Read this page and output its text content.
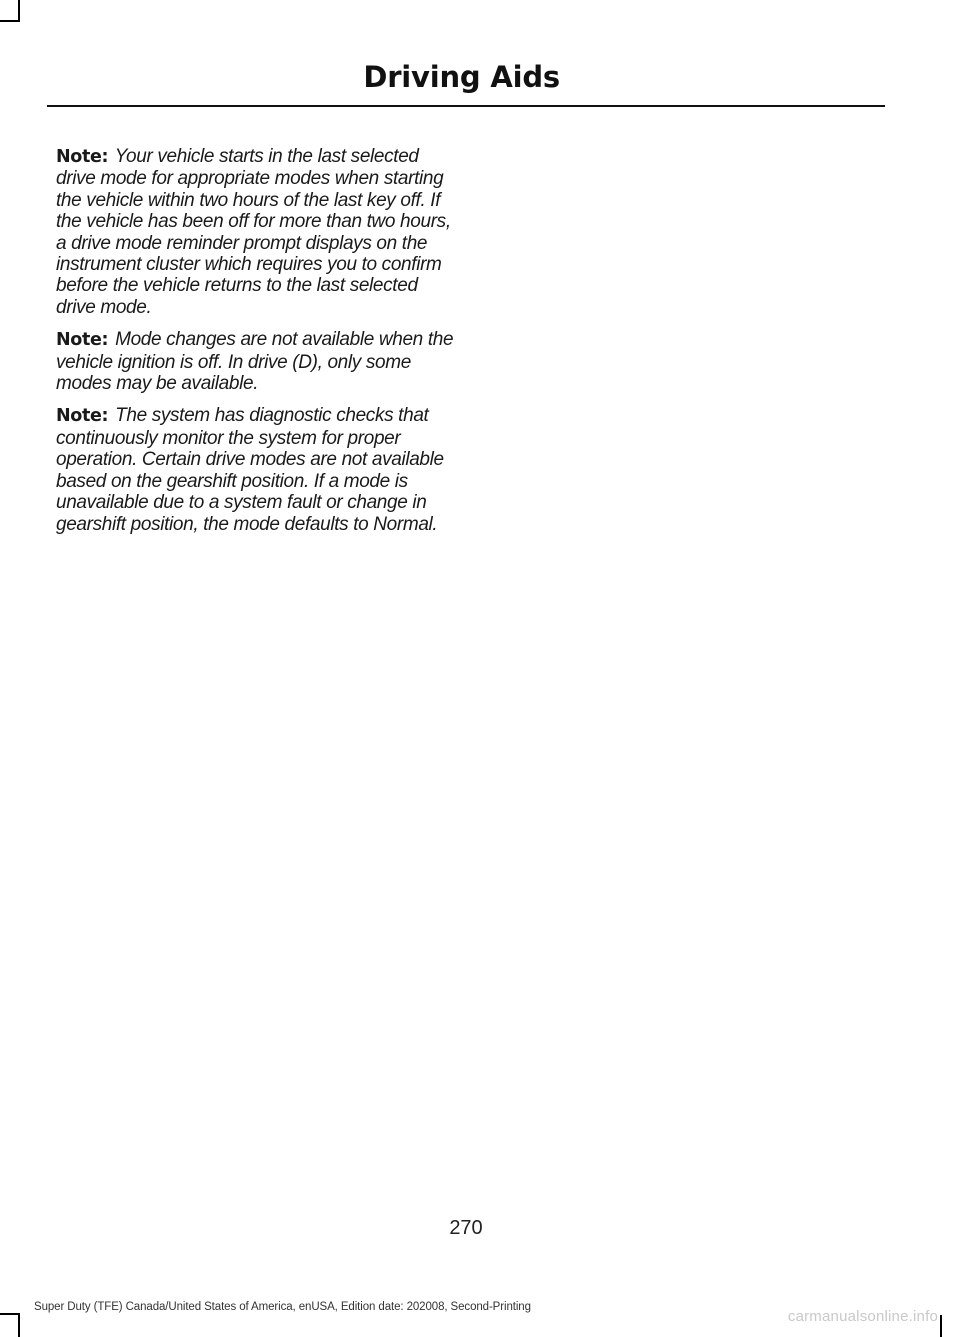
Driving Aids

Note: Your vehicle starts in the last selected drive mode for appropriate modes when starting the vehicle within two hours of the last key off. If the vehicle has been off for more than two hours, a drive mode reminder prompt displays on the instrument cluster which requires you to confirm before the vehicle returns to the last selected drive mode.

Note: Mode changes are not available when the vehicle ignition is off. In drive (D), only some modes may be available.

Note: The system has diagnostic checks that continuously monitor the system for proper operation. Certain drive modes are not available based on the gearshift position. If a mode is unavailable due to a system fault or change in gearshift position, the mode defaults to Normal.

270
Super Duty (TFE) Canada/United States of America, enUSA, Edition date: 202008, Second-Printing
carmanualsonline.info
